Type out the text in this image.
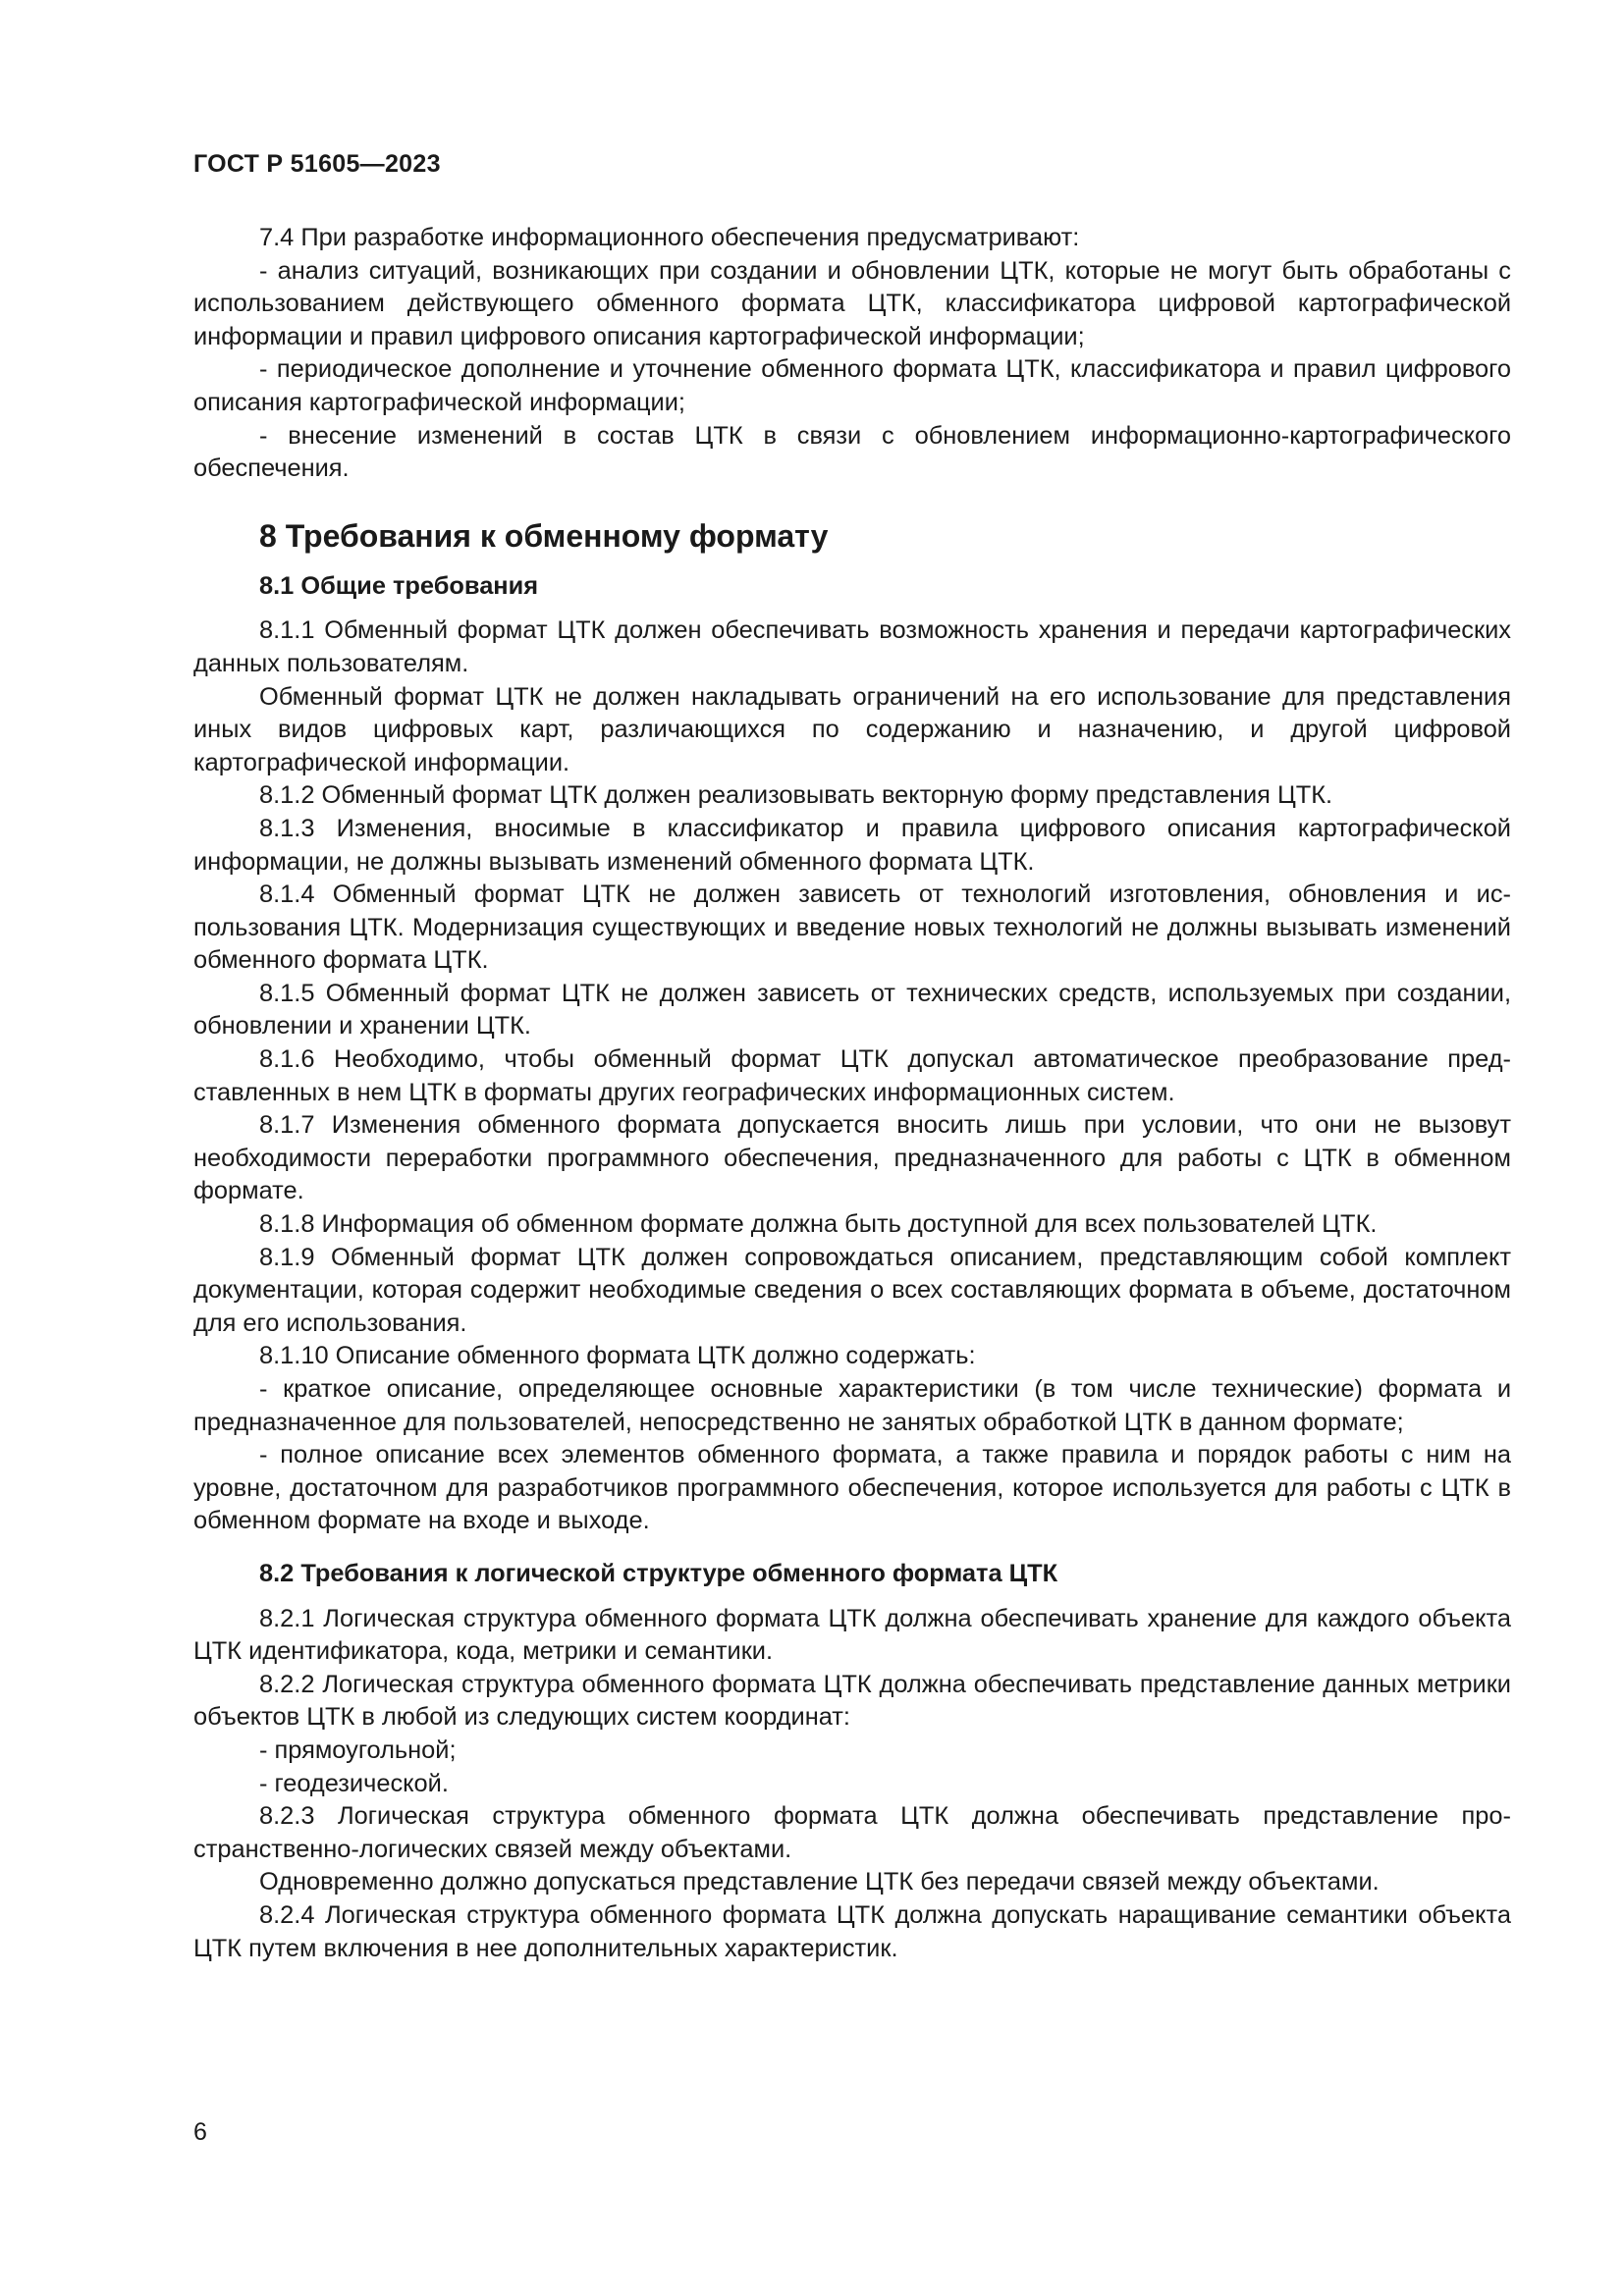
ГОСТ Р 51605—2023

7.4 При разработке информационного обеспечения предусматривают:

- анализ ситуаций, возникающих при создании и обновлении ЦТК, которые не могут быть обработаны с использованием действующего обменного формата ЦТК, классификатора цифровой картографической информации и правил цифрового описания картографической информации;

- периодическое дополнение и уточнение обменного формата ЦТК, классификатора и правил цифрового описания картографической информации;

- внесение изменений в состав ЦТК в связи с обновлением информационно-картографического обеспечения.

8 Требования к обменному формату
8.1 Общие требования

8.1.1 Обменный формат ЦТК должен обеспечивать возможность хранения и передачи картографических данных пользователям.

Обменный формат ЦТК не должен накладывать ограничений на его использование для представления иных видов цифровых карт, различающихся по содержанию и назначению, и другой цифровой картографической информации.

8.1.2 Обменный формат ЦТК должен реализовывать векторную форму представления ЦТК.

8.1.3 Изменения, вносимые в классификатор и правила цифрового описания картографической информации, не должны вызывать изменений обменного формата ЦТК.

8.1.4 Обменный формат ЦТК не должен зависеть от технологий изготовления, обновления и использования ЦТК. Модернизация существующих и введение новых технологий не должны вызывать изменений обменного формата ЦТК.

8.1.5 Обменный формат ЦТК не должен зависеть от технических средств, используемых при создании, обновлении и хранении ЦТК.

8.1.6 Необходимо, чтобы обменный формат ЦТК допускал автоматическое преобразование представленных в нем ЦТК в форматы других географических информационных систем.

8.1.7 Изменения обменного формата допускается вносить лишь при условии, что они не вызовут необходимости переработки программного обеспечения, предназначенного для работы с ЦТК в обменном формате.

8.1.8 Информация об обменном формате должна быть доступной для всех пользователей ЦТК.

8.1.9 Обменный формат ЦТК должен сопровождаться описанием, представляющим собой комплект документации, которая содержит необходимые сведения о всех составляющих формата в объеме, достаточном для его использования.

8.1.10 Описание обменного формата ЦТК должно содержать:

- краткое описание, определяющее основные характеристики (в том числе технические) формата и предназначенное для пользователей, непосредственно не занятых обработкой ЦТК в данном формате;

- полное описание всех элементов обменного формата, а также правила и порядок работы с ним на уровне, достаточном для разработчиков программного обеспечения, которое используется для работы с ЦТК в обменном формате на входе и выходе.

8.2 Требования к логической структуре обменного формата ЦТК

8.2.1 Логическая структура обменного формата ЦТК должна обеспечивать хранение для каждого объекта ЦТК идентификатора, кода, метрики и семантики.

8.2.2 Логическая структура обменного формата ЦТК должна обеспечивать представление данных метрики объектов ЦТК в любой из следующих систем координат:

- прямоугольной;

- геодезической.

8.2.3 Логическая структура обменного формата ЦТК должна обеспечивать представление пространственно-логических связей между объектами.

Одновременно должно допускаться представление ЦТК без передачи связей между объектами.

8.2.4 Логическая структура обменного формата ЦТК должна допускать наращивание семантики объекта ЦТК путем включения в нее дополнительных характеристик.

6
